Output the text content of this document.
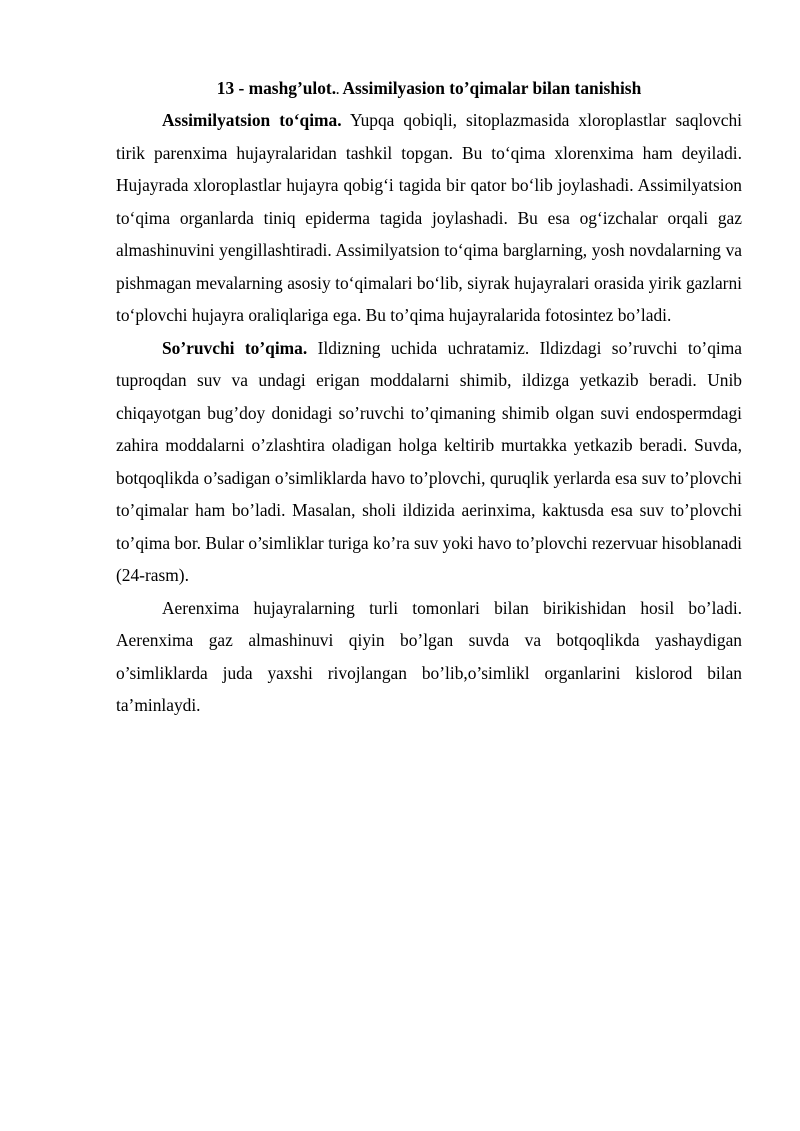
13 - mashg’ulot.. Assimilyasion to’qimalar bilan tanishish

Assimilyatsion to‘qima. Yupqa qobiqli, sitoplazmasida xloroplastlar saqlovchi tirik parenxima hujayralaridan tashkil topgan. Bu to‘qima xlorenxima ham deyiladi. Hujayrada xloroplastlar hujayra qobig‘i tagida bir qator bo‘lib joylashadi. Assimilyatsion to‘qima organlarda tiniq epiderma tagida joylashadi. Bu esa og‘izchalar orqali gaz almashinuvini yengillashtiradi. Assimilyatsion to‘qima barglarning, yosh novdalarning va pishmagan mevalarning asosiy to‘qimalari bo‘lib, siyrak hujayralari orasida yirik gazlarni to‘plovchi hujayra oraliqlariga ega. Bu to’qima hujayralarida fotosintez bo’ladi.

So’ruvchi to’qima. Ildizning uchida uchratamiz. Ildizdagi so’ruvchi to’qima tuproqdan suv va undagi erigan moddalarni shimib, ildizga yetkazib beradi. Unib chiqayotgan bug’doy donidagi so’ruvchi to’qimaning shimib olgan suvi endospermdagi zahira moddalarni o’zlashtira oladigan holga keltirib murtakka yetkazib beradi. Suvda, botqoqlikda o’sadigan o’simliklarda havo to’plovchi, quruqlik yerlarda esa suv to’plovchi to’qimalar ham bo’ladi. Masalan, sholi ildizida aerinxima, kaktusda esa suv to’plovchi to’qima bor. Bular o’simliklar turiga ko’ra suv yoki havo to’plovchi rezervuar hisoblanadi (24-rasm).

Aerenxima hujayralarning turli tomonlari bilan birikishidan hosil bo’ladi. Aerenxima gaz almashinuvi qiyin bo’lgan suvda va botqoqlikda yashaydigan o’simliklarda juda yaxshi rivojlangan bo’lib,o’simlikl organlarini kislorod bilan ta’minlaydi.
